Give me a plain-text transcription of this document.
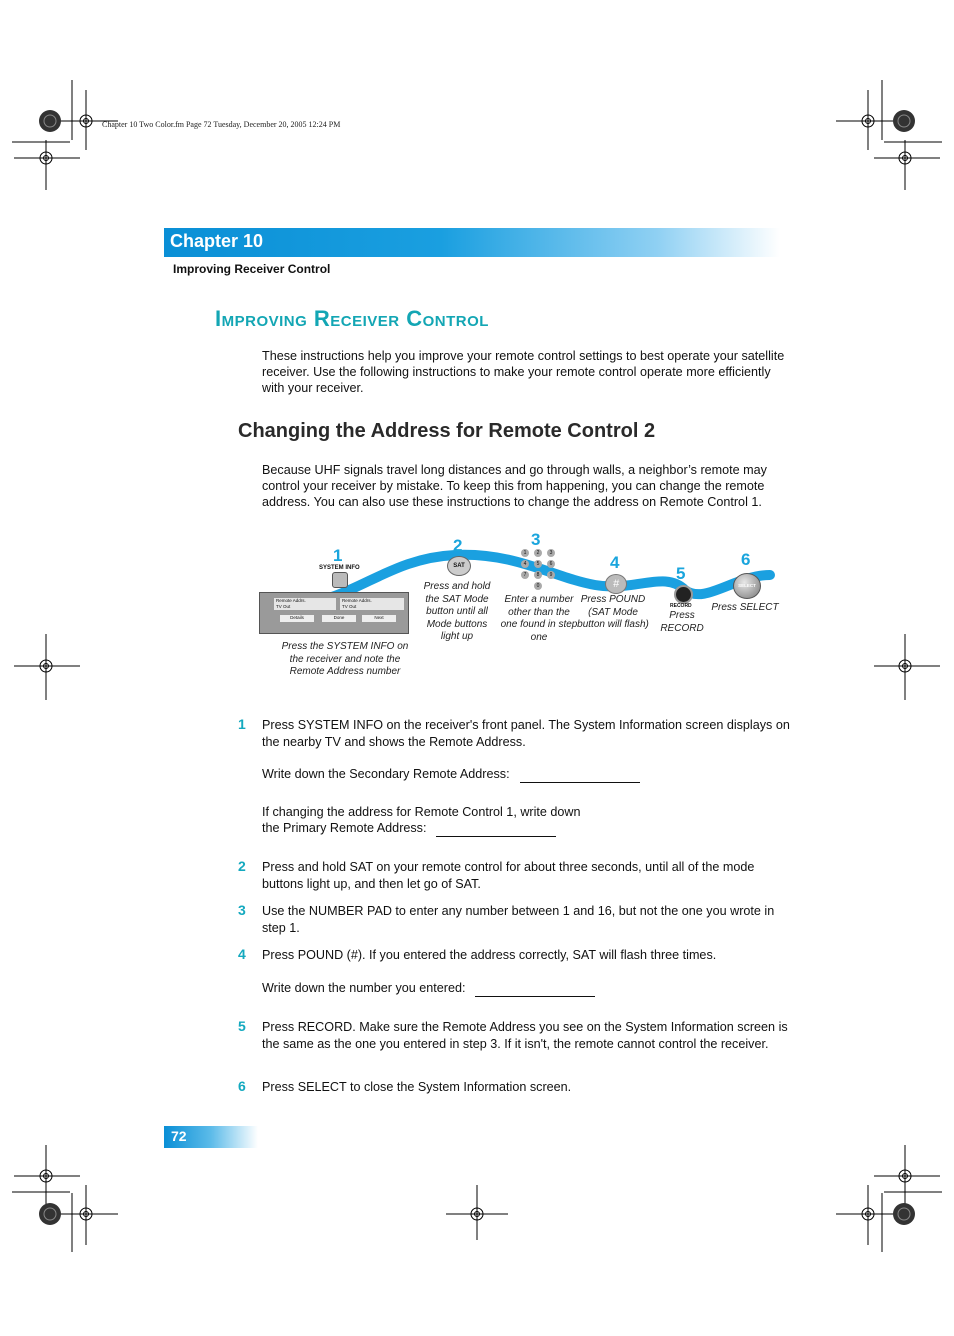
Chapter 10 Two Color.fm Page 72 Tuesday, December 20, 2005 12:24 PM
Chapter 10
Improving Receiver Control
Improving Receiver Control
These instructions help you improve your remote control settings to best operate your satellite receiver. Use the following instructions to make your remote control operate more efficiently with your receiver.
Changing the Address for Remote Control 2
Because UHF signals travel long distances and go through walls, a neighbor’s remote may control your receiver by mistake. To keep this from happening, you can change the remote address. You can also use these instructions to change the address on Remote Control 1.
1
SYSTEM INFO
Remote Addrs.
TV Out
Remote Addrs.
TV Out
Details	Done	Next
Press the SYSTEM INFO on the receiver and note the Remote Address number
2
SAT
Press and hold the SAT Mode button until all Mode buttons light up
3
1	2	3
4	5	6
7	8	9
0
Enter a number other than the one found in step one
4
#
Press POUND (SAT Mode button will flash)
5
RECORD
Press RECORD
6
SELECT
Press SELECT
1 Press SYSTEM INFO on the receiver's front panel. The System Information screen displays on the nearby TV and shows the Remote Address.
Write down the Secondary Remote Address:
If changing the address for Remote Control 1, write down
the Primary Remote Address:
2 Press and hold SAT on your remote control for about three seconds, until all of the mode buttons light up, and then let go of SAT.
3 Use the NUMBER PAD to enter any number between 1 and 16, but not the one you wrote in step 1.
4 Press POUND (#). If you entered the address correctly, SAT will flash three times.
Write down the number you entered:
5 Press RECORD. Make sure the Remote Address you see on the System Information screen is the same as the one you entered in step 3. If it isn't, the remote cannot control the receiver.
6 Press SELECT to close the System Information screen.
72
